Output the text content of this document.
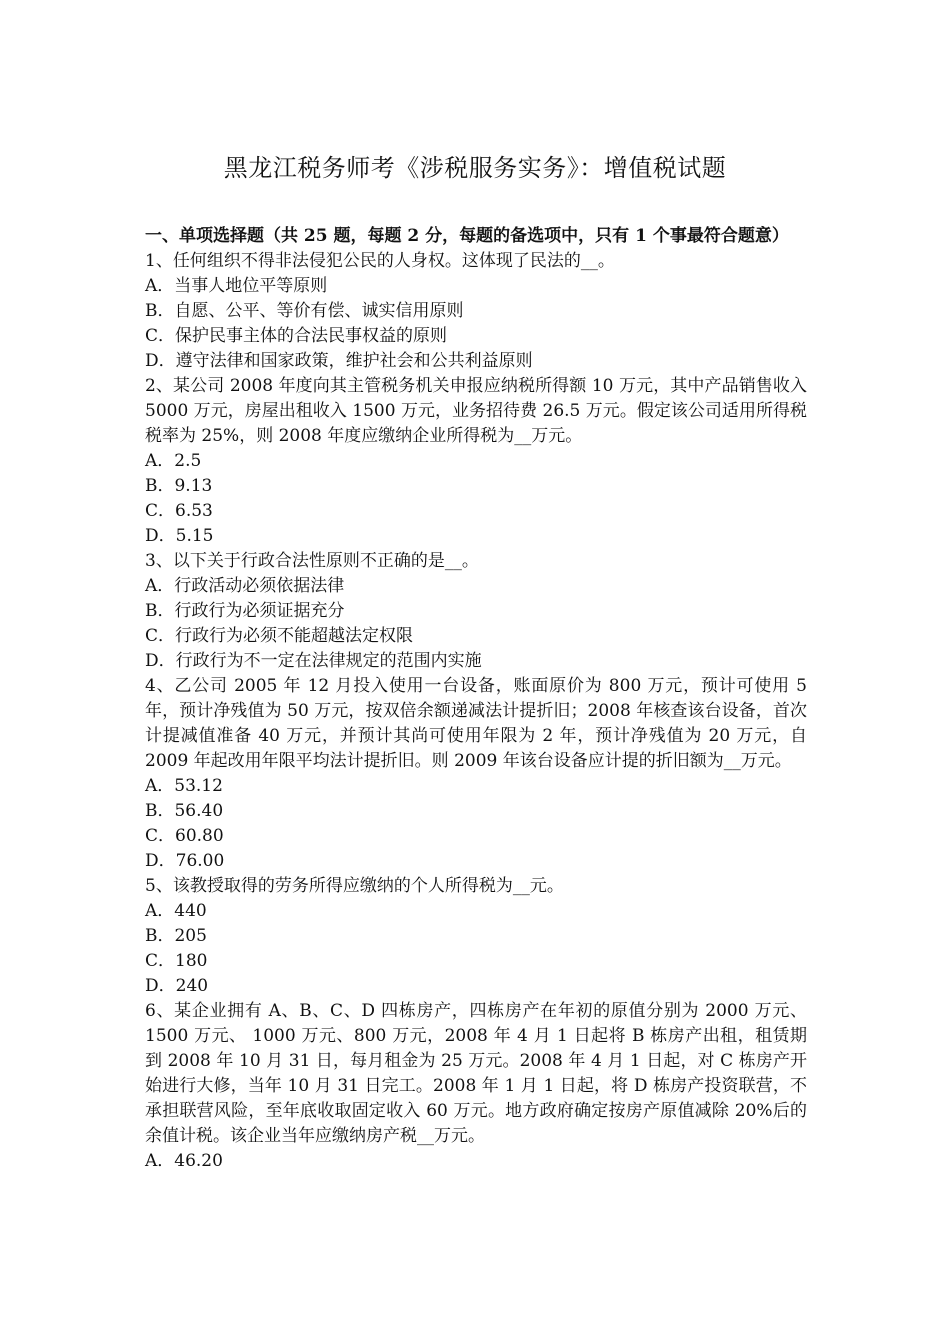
黑龙江税务师考《涉税服务实务》：增值税试题
一、单项选择题（共 25 题，每题 2 分，每题的备选项中，只有 1 个事最符合题意）
1、任何组织不得非法侵犯公民的人身权。这体现了民法的__。
A．当事人地位平等原则
B．自愿、公平、等价有偿、诚实信用原则
C．保护民事主体的合法民事权益的原则
D．遵守法律和国家政策，维护社会和公共利益原则
2、某公司 2008 年度向其主管税务机关申报应纳税所得额 10 万元，其中产品销售收入 5000 万元，房屋出租收入 1500 万元，业务招待费 26.5 万元。假定该公司适用所得税税率为 25%，则 2008 年度应缴纳企业所得税为__万元。
A．2.5
B．9.13
C．6.53
D．5.15
3、以下关于行政合法性原则不正确的是__。
A．行政活动必须依据法律
B．行政行为必须证据充分
C．行政行为必须不能超越法定权限
D．行政行为不一定在法律规定的范围内实施
4、乙公司 2005 年 12 月投入使用一台设备，账面原价为 800 万元，预计可使用 5 年，预计净残值为 50 万元，按双倍余额递减法计提折旧；2008 年核查该台设备，首次计提减值准备 40 万元，并预计其尚可使用年限为 2 年，预计净残值为 20 万元，自 2009 年起改用年限平均法计提折旧。则 2009 年该台设备应计提的折旧额为__万元。
A．53.12
B．56.40
C．60.80
D．76.00
5、该教授取得的劳务所得应缴纳的个人所得税为__元。
A．440
B．205
C．180
D．240
6、某企业拥有 A、B、C、D 四栋房产，四栋房产在年初的原值分别为 2000 万元、1500 万元、 1000 万元、800 万元，2008 年 4 月 1 日起将 B 栋房产出租，租赁期到 2008 年 10 月 31 日，每月租金为 25 万元。2008 年 4 月 1 日起，对 C 栋房产开始进行大修，当年 10 月 31 日完工。2008 年 1 月 1 日起，将 D 栋房产投资联营，不承担联营风险，至年底收取固定收入 60 万元。地方政府确定按房产原值减除 20%后的余值计税。该企业当年应缴纳房产税__万元。
A．46.20
